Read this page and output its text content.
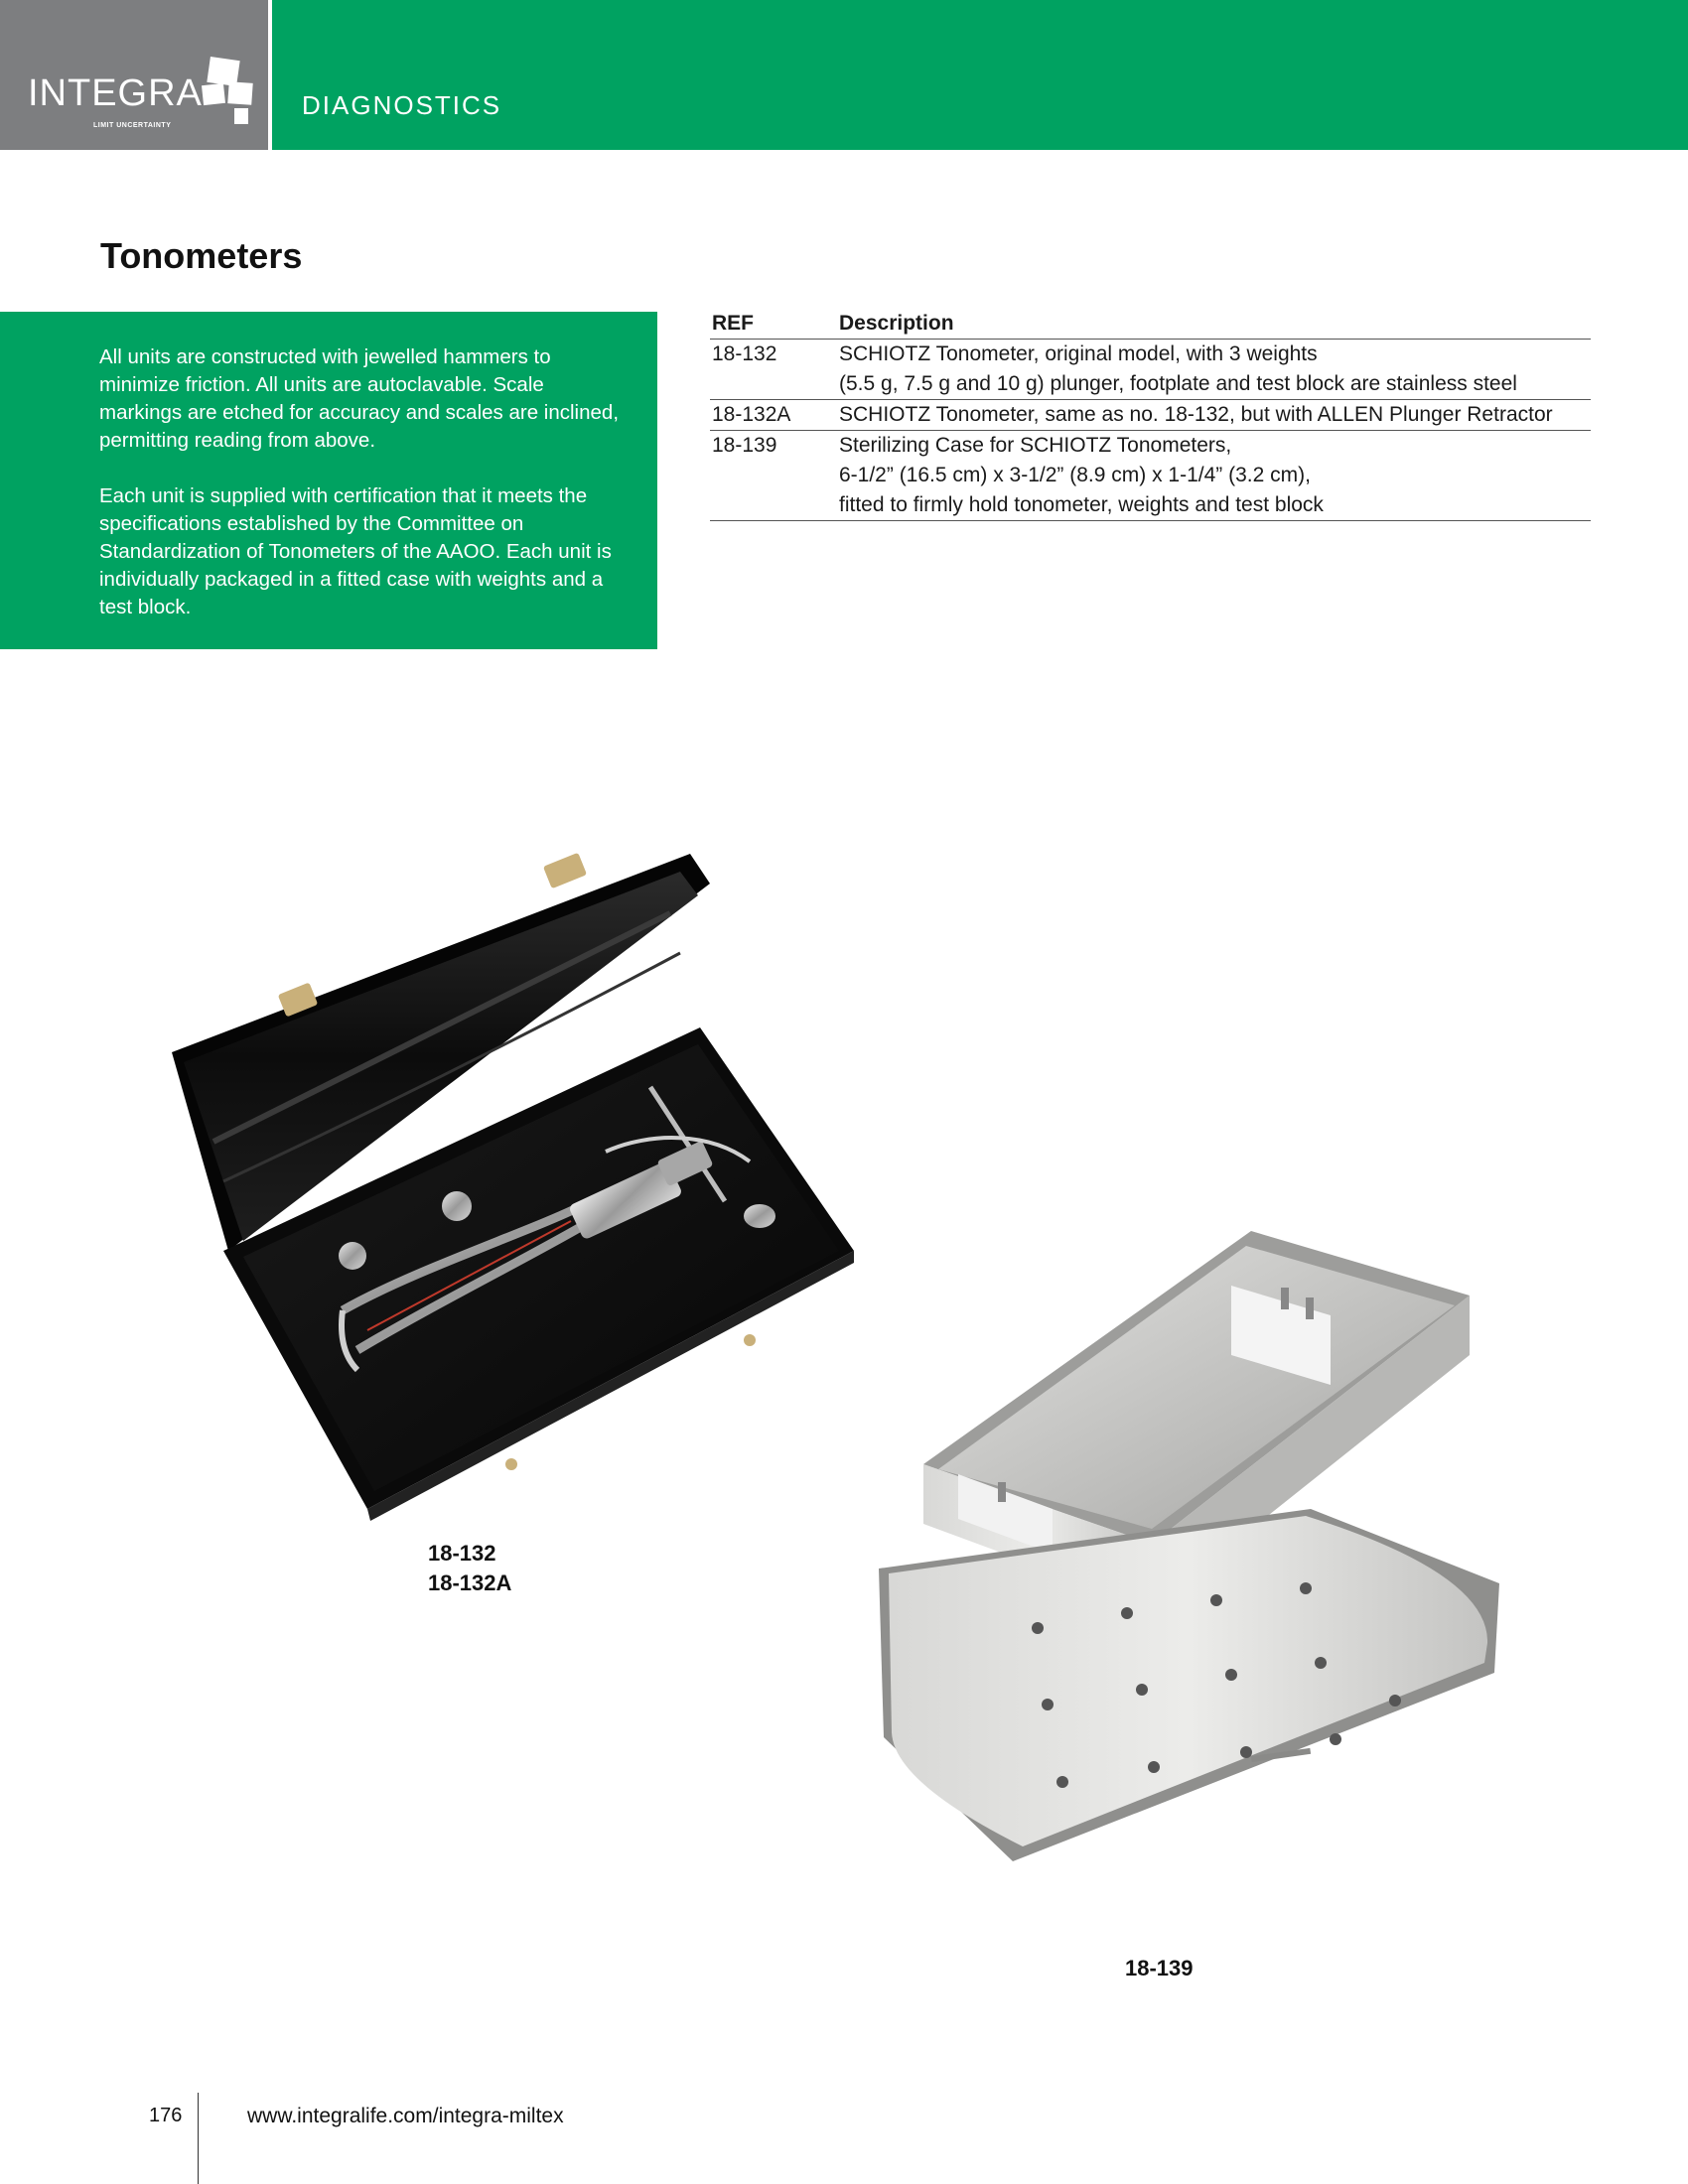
INTEGRA
LIMIT UNCERTAINTY
DIAGNOSTICS
Tonometers

All units are constructed with jewelled hammers to minimize friction. All units are autoclavable. Scale markings are etched for accuracy and scales are inclined, permitting reading from above.

Each unit is supplied with certification that it meets the specifications established by the Committee on Standardization of Tonometers of the AAOO. Each unit is individually packaged in a fitted case with weights and a test block.

REF	Description
18-132	SCHIOTZ Tonometer, original model, with 3 weights
(5.5 g, 7.5 g and 10 g) plunger, footplate and test block are stainless steel

18-132A	SCHIOTZ Tonometer, same as no. 18-132, but with ALLEN Plunger Retractor

18-139	Sterilizing Case for SCHIOTZ Tonometers,
6-1/2” (16.5 cm) x 3-1/2” (8.9 cm) x 1-1/4” (3.2 cm),
fitted to firmly hold tonometer, weights and test block
18-132
18-132A
18-139
176	www.integralife.com/integra-miltex
